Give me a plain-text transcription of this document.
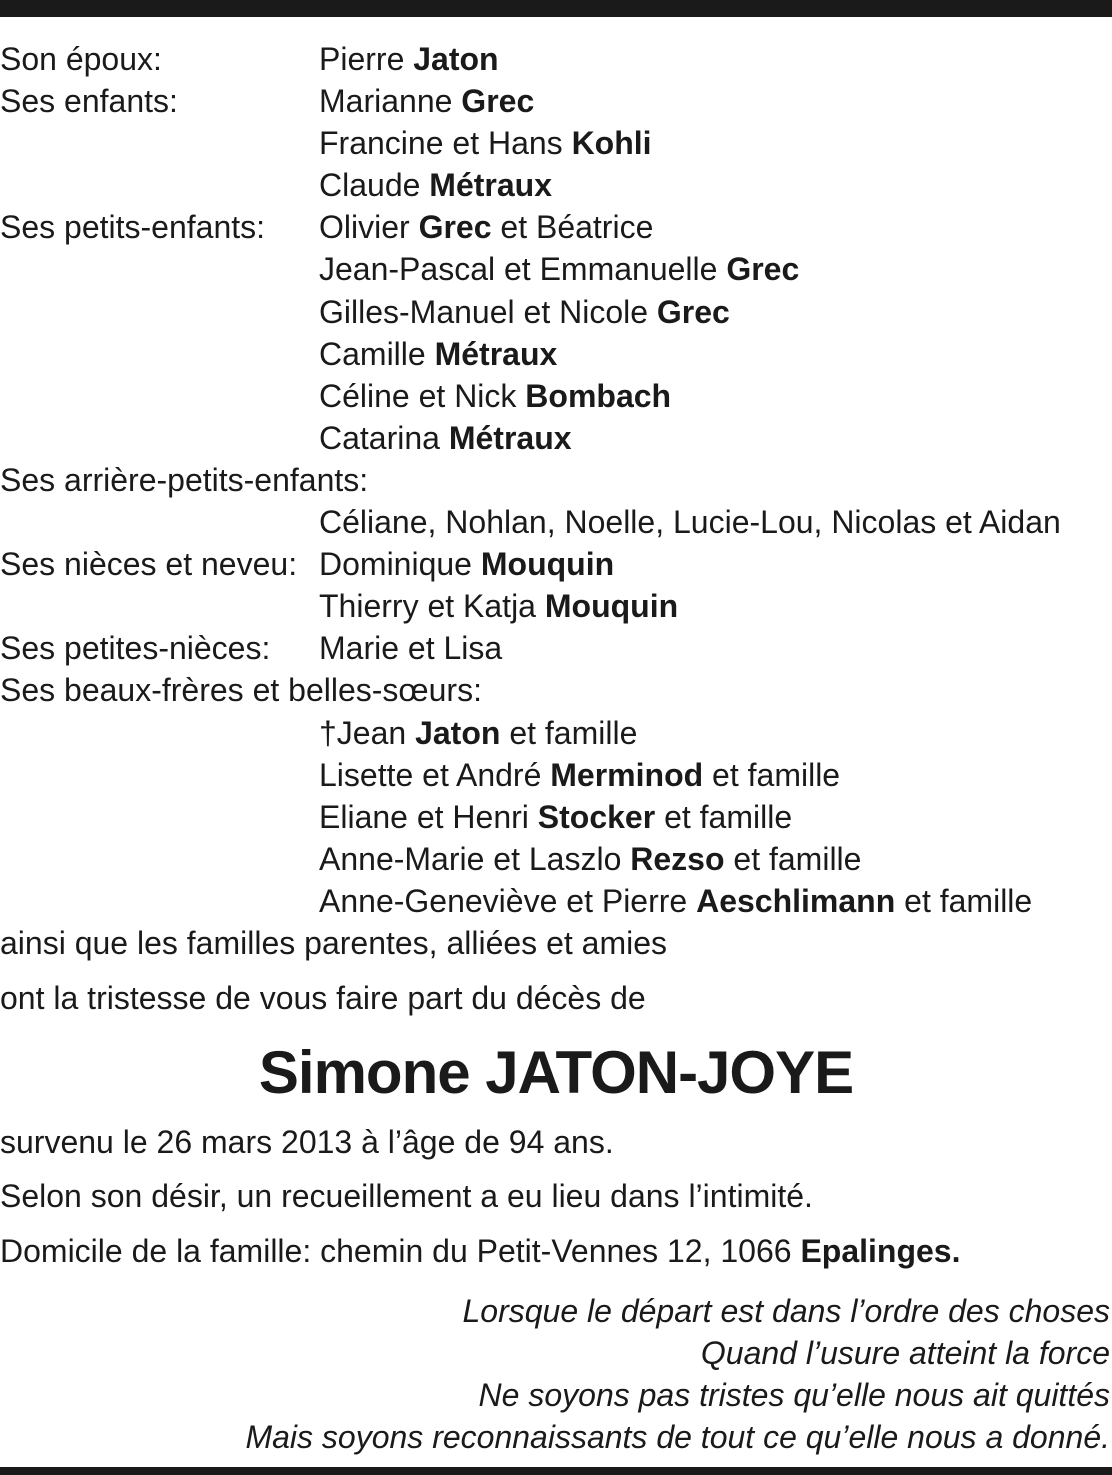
Son époux:	Pierre Jaton
Ses enfants:	Marianne Grec
Francine et Hans Kohli
Claude Métraux
Ses petits-enfants: Olivier Grec et Béatrice
Jean-Pascal et Emmanuelle Grec
Gilles-Manuel et Nicole Grec
Camille Métraux
Céline et Nick Bombach
Catarina Métraux
Ses arrière-petits-enfants:
Céliane, Nohlan, Noelle, Lucie-Lou, Nicolas et Aidan
Ses nièces et neveu: Dominique Mouquin
Thierry et Katja Mouquin
Ses petites-nièces: Marie et Lisa
Ses beaux-frères et belles-sœurs:
†Jean Jaton et famille
Lisette et André Merminod et famille
Eliane et Henri Stocker et famille
Anne-Marie et Laszlo Rezso et famille
Anne-Geneviève et Pierre Aeschlimann et famille
ainsi que les familles parentes, alliées et amies
ont la tristesse de vous faire part du décès de
Simone JATON-JOYE
survenu le 26 mars 2013 à l’âge de 94 ans.
Selon son désir, un recueillement a eu lieu dans l’intimité.
Domicile de la famille: chemin du Petit-Vennes 12, 1066 Epalinges.
Lorsque le départ est dans l’ordre des choses
Quand l’usure atteint la force
Ne soyons pas tristes qu’elle nous ait quittés
Mais soyons reconnaissants de tout ce qu’elle nous a donné.
